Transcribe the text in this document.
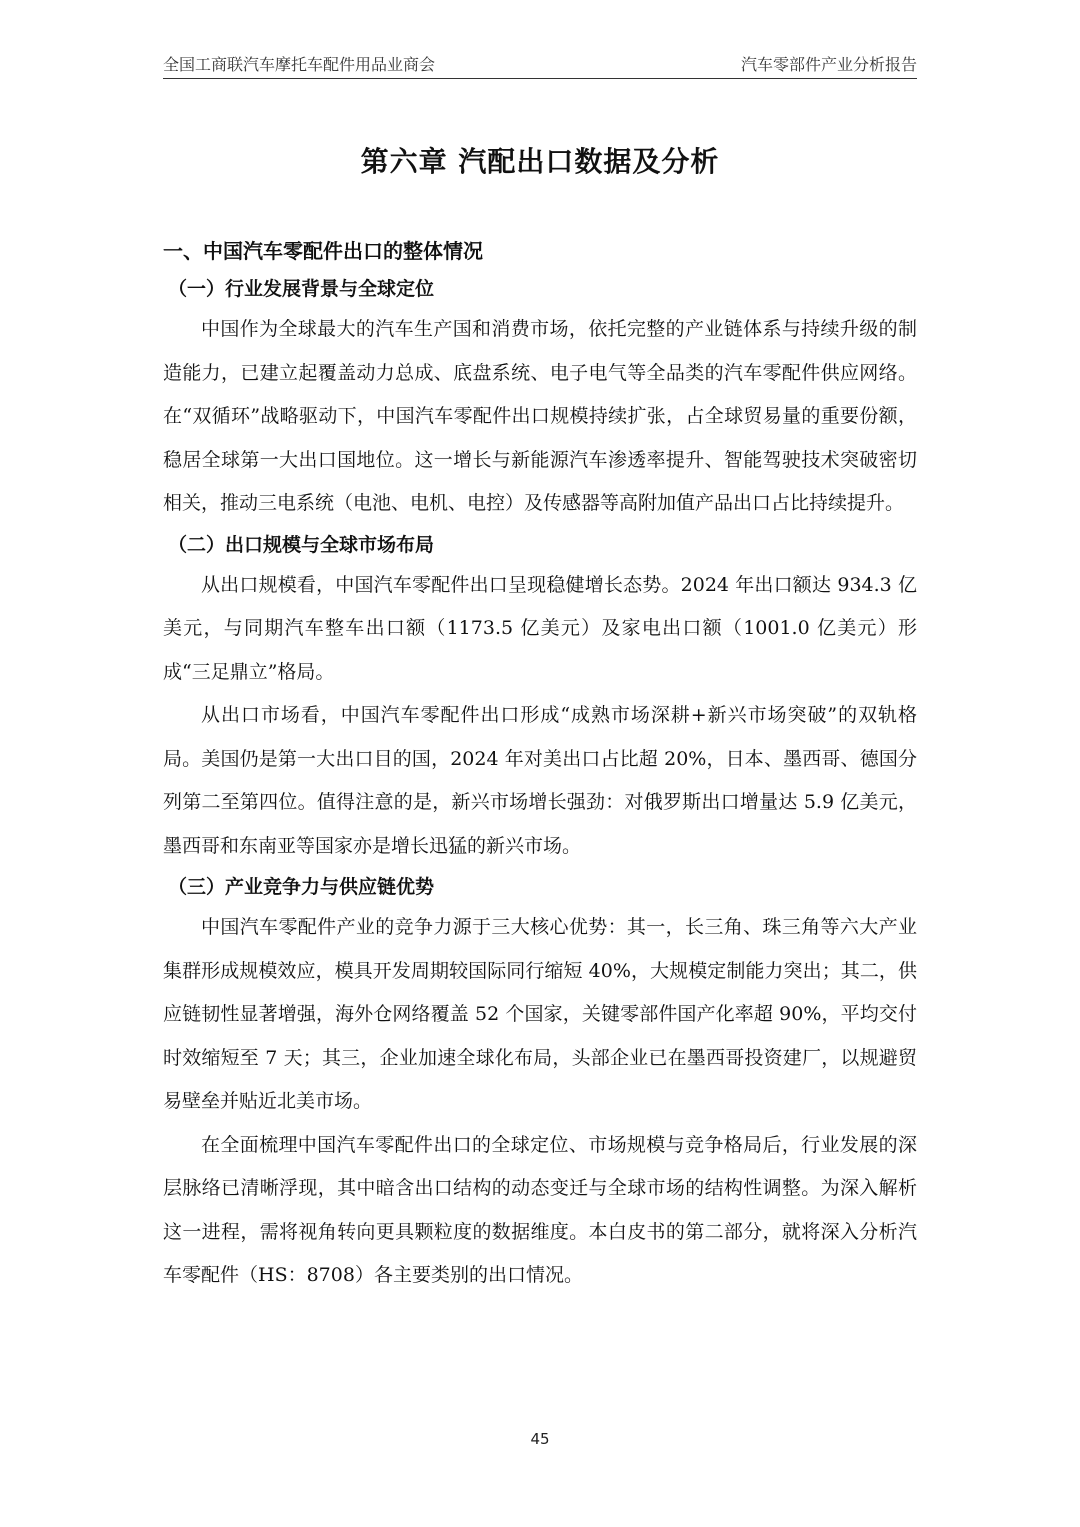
全国工商联汽车摩托车配件用品业商会	汽车零部件产业分析报告
第六章 汽配出口数据及分析
一、中国汽车零配件出口的整体情况
（一）行业发展背景与全球定位

中国作为全球最大的汽车生产国和消费市场，依托完整的产业链体系与持续升级的制造能力，已建立起覆盖动力总成、底盘系统、电子电气等全品类的汽车零配件供应网络。在“双循环”战略驱动下，中国汽车零配件出口规模持续扩张，占全球贸易量的重要份额，稳居全球第一大出口国地位。这一增长与新能源汽车渗透率提升、智能驾驶技术突破密切相关，推动三电系统（电池、电机、电控）及传感器等高附加值产品出口占比持续提升。

（二）出口规模与全球市场布局

从出口规模看，中国汽车零配件出口呈现稳健增长态势。2024 年出口额达 934.3 亿美元，与同期汽车整车出口额（1173.5 亿美元）及家电出口额（1001.0 亿美元）形成“三足鼎立”格局。

从出口市场看，中国汽车零配件出口形成“成熟市场深耕+新兴市场突破”的双轨格局。美国仍是第一大出口目的国，2024 年对美出口占比超 20%，日本、墨西哥、德国分列第二至第四位。值得注意的是，新兴市场增长强劲：对俄罗斯出口增量达 5.9 亿美元，墨西哥和东南亚等国家亦是增长迅猛的新兴市场。

（三）产业竞争力与供应链优势

中国汽车零配件产业的竞争力源于三大核心优势：其一，长三角、珠三角等六大产业集群形成规模效应，模具开发周期较国际同行缩短 40%，大规模定制能力突出；其二，供应链韧性显著增强，海外仓网络覆盖 52 个国家，关键零部件国产化率超 90%，平均交付时效缩短至 7 天；其三，企业加速全球化布局，头部企业已在墨西哥投资建厂，以规避贸易壁垒并贴近北美市场。

在全面梳理中国汽车零配件出口的全球定位、市场规模与竞争格局后，行业发展的深层脉络已清晰浮现，其中暗含出口结构的动态变迁与全球市场的结构性调整。为深入解析这一进程，需将视角转向更具颗粒度的数据维度。本白皮书的第二部分，就将深入分析汽车零配件（HS：8708）各主要类别的出口情况。

45
